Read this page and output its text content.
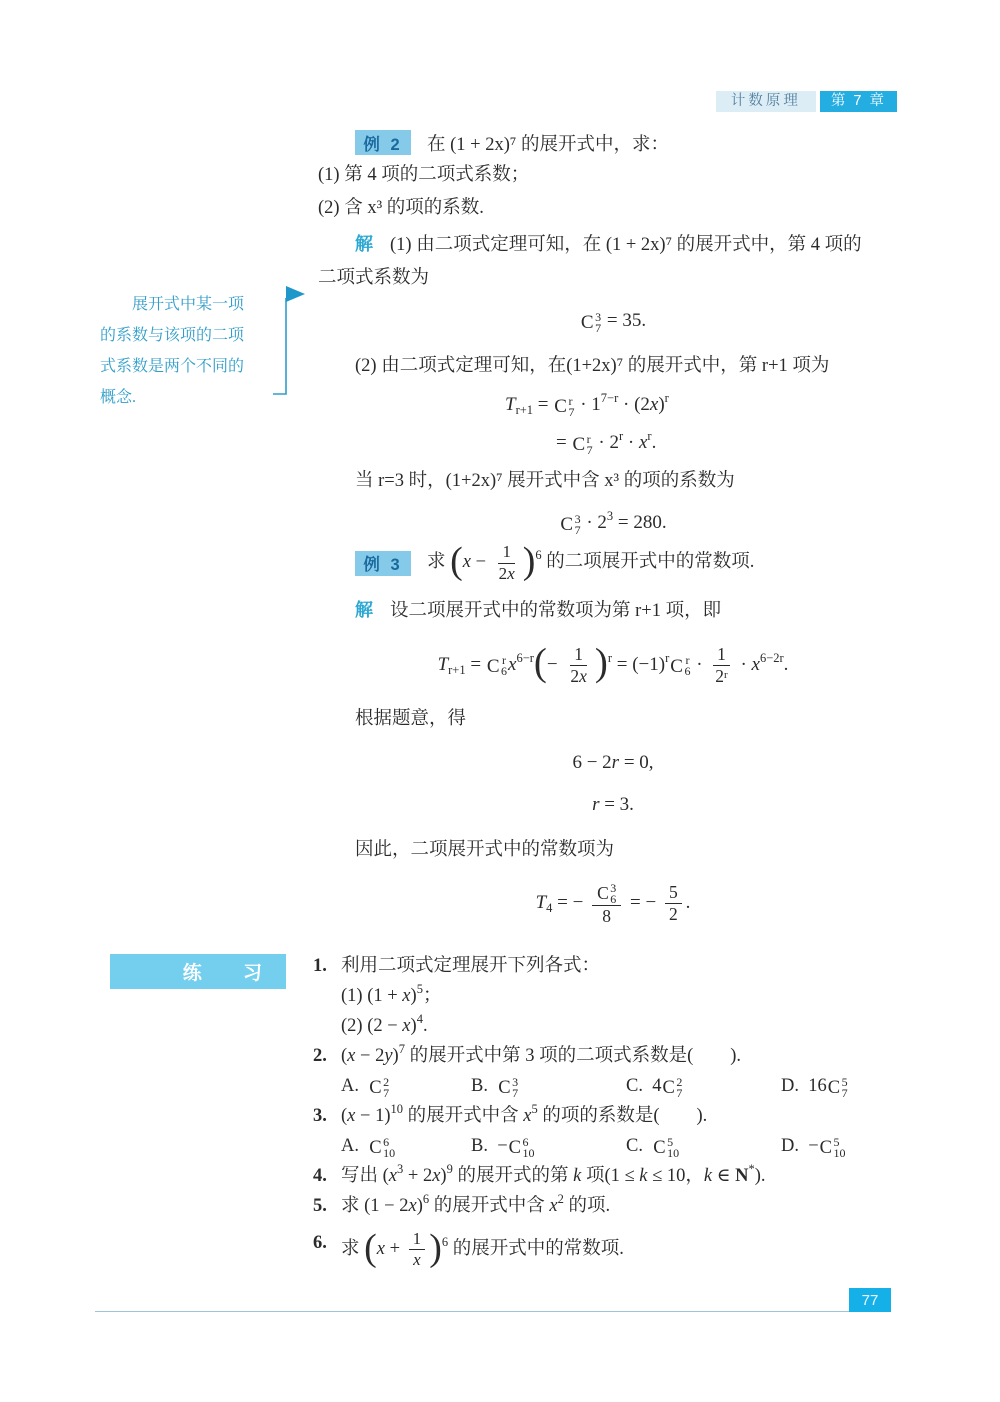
计数原理	第 7 章
展开式中某一项的系数与该项的二项式系数是两个不同的概念.
例 2	在 (1 + 2x)⁷ 的展开式中，求：

(1) 第 4 项的二项式系数；

(2) 含 x³ 的项的系数.

解 (1) 由二项式定理可知，在 (1 + 2x)⁷ 的展开式中，第 4 项的

二项式系数为

C 3
7 = 35.

(2) 由二项式定理可知，在(1+2x)⁷ 的展开式中，第 r+1 项为

$T_{r+1} = C$ r
$7 \cdot 1^{7-r} \cdot (2x)^r$
= C r
$7 \cdot 2^r \cdot x^r$.

当 r=3 时，(1+2x)⁷ 展开式中含 x³ 的项的系数为

C 3
$7 \cdot 2^3 = 280$.
例 3	求 $(x - \frac{1}{2x} )^6$ 的二项展开式中的常数项.

解 设二项展开式中的常数项为第 r+1 项，即

$T_{r+1} = C$ r
6 $x^{6-r}(- \frac{1}{2x} )^r = (-1)^r$ C r
$6 \cdot \frac{1}{2^r} \cdot x^{6-2r}$.

根据题意，得

6 − 2r = 0,
r = 3.

因此，二项展开式中的常数项为

$T_4$ = − C 3
6
8 = − $\frac{5}{2}$ .
练 习 1. 利用二项式定理展开下列各式：
(1) $(1 + x)^5$；
(2) $(2 - x)^4$.
2. $(x - 2y)^7$ 的展开式中第 3 项的二项式系数是(　　).
A. C 2
7	B. C 3
7	C.  4 C 2
7	D.  16 C 5
7
3. $(x - 1)^{10}$ 的展开式中含 $x^5$ 的项的系数是(　　).
A. C 6
10	B.  − C 6
10	C. C 5
10	D.  − C 5
10
4. 写出 $(x^3 + 2x)^9$ 的展开式的第 k 项(1 ≤ k ≤ 10，k ∈ N*).
5. 求 $(1 - 2x)^6$ 的展开式中含 $x^2$ 的项.
6. 求 $(x + \frac{1}{x} )^6$ 的展开式中的常数项.
77
